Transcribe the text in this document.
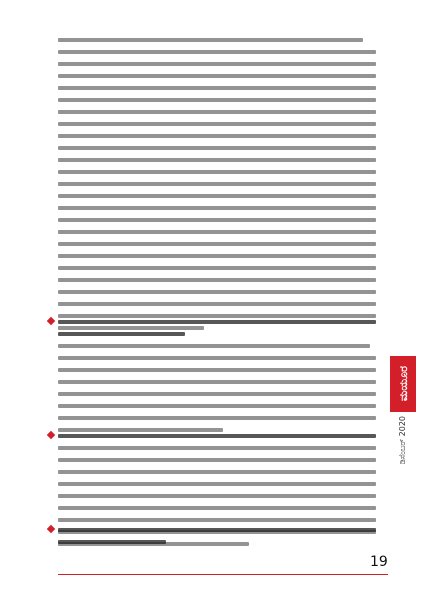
ಮಯೂರ
ಡಿಸೆಂಬರ್ 2020
19
